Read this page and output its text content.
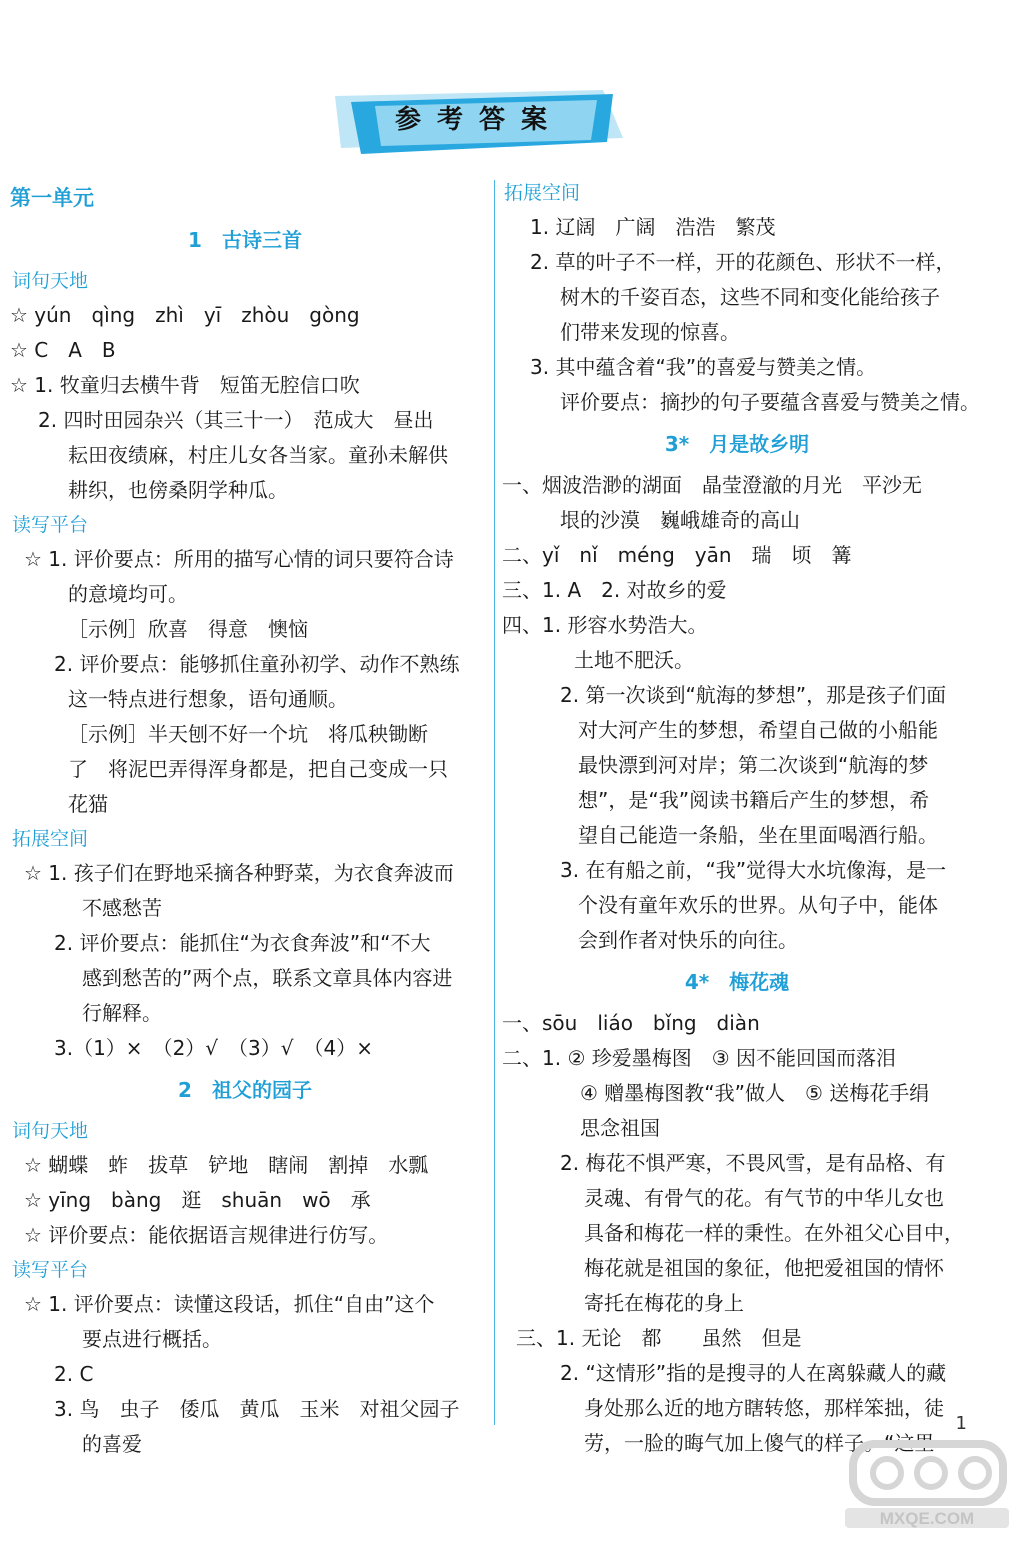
参考答案
第一单元
1　古诗三首
词句天地
☆ yún　qìng　zhì　yī　zhòu　gòng
☆ C　A　B
☆ 1. 牧童归去横牛背　短笛无腔信口吹
2. 四时田园杂兴（其三十一）　范成大　昼出
耘田夜绩麻，村庄儿女各当家。童孙未解供
耕织，也傍桑阴学种瓜。
读写平台
☆ 1. 评价要点：所用的描写心情的词只要符合诗
的意境均可。
［示例］欣喜　得意　懊恼
2. 评价要点：能够抓住童孙初学、动作不熟练
这一特点进行想象，语句通顺。
［示例］半天刨不好一个坑　将瓜秧锄断
了　将泥巴弄得浑身都是，把自己变成一只
花猫
拓展空间
☆ 1. 孩子们在野地采摘各种野菜，为衣食奔波而
不感愁苦
2. 评价要点：能抓住“为衣食奔波”和“不大
感到愁苦的”两个点，联系文章具体内容进
行解释。
3.（1）×　（2）√　（3）√　（4）×
2　祖父的园子
词句天地
☆ 蝴蝶　蚱　拔草　铲地　瞎闹　割掉　水瓢
☆ yīng　bàng　逛　shuān　wō　承
☆ 评价要点：能依据语言规律进行仿写。
读写平台
☆ 1. 评价要点：读懂这段话，抓住“自由”这个
要点进行概括。
2. C
3. 鸟　虫子　倭瓜　黄瓜　玉米　对祖父园子
的喜爱
拓展空间
1. 辽阔　广阔　浩浩　繁茂
2. 草的叶子不一样，开的花颜色、形状不一样，
树木的千姿百态，这些不同和变化能给孩子
们带来发现的惊喜。
3. 其中蕴含着“我”的喜爱与赞美之情。
评价要点：摘抄的句子要蕴含喜爱与赞美之情。
3*　月是故乡明
一、烟波浩渺的湖面　晶莹澄澈的月光　平沙无
垠的沙漠　巍峨雄奇的高山
二、yǐ　nǐ　méng　yān　瑞　顷　篝
三、1. A　2. 对故乡的爱
四、1. 形容水势浩大。
土地不肥沃。
2. 第一次谈到“航海的梦想”，那是孩子们面
对大河产生的梦想，希望自己做的小船能
最快漂到河对岸；第二次谈到“航海的梦
想”，是“我”阅读书籍后产生的梦想，希
望自己能造一条船，坐在里面喝酒行船。
3. 在有船之前，“我”觉得大水坑像海，是一
个没有童年欢乐的世界。从句子中，能体
会到作者对快乐的向往。
4*　梅花魂
一、sōu　liáo　bǐng　diàn
二、1. ② 珍爱墨梅图　③ 因不能回国而落泪
④ 赠墨梅图教“我”做人　⑤ 送梅花手绢
思念祖国
2. 梅花不惧严寒，不畏风雪，是有品格、有
灵魂、有骨气的花。有气节的中华儿女也
具备和梅花一样的秉性。在外祖父心目中，
梅花就是祖国的象征，他把爱祖国的情怀
寄托在梅花的身上
三、1. 无论　都　　虽然　但是
2. “这情形”指的是搜寻的人在离躲藏人的藏
身处那么近的地方瞎转悠，那样笨拙，徒
劳，一脸的晦气加上傻气的样子。“这里
1
MXQE.COM
